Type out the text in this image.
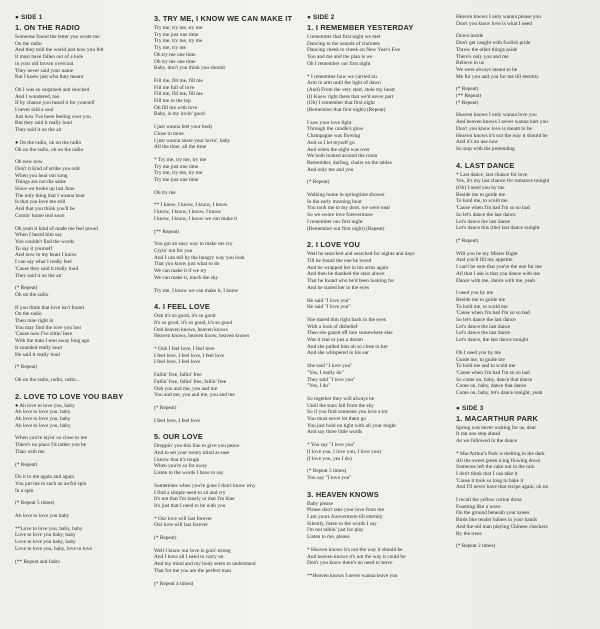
● SIDE 1
1. ON THE RADIO
Someone found the letter you wrote me
On the radio
And they told the world just how you felt
It must have fallen out of a hole
in your old brown overcoat
They never said your name
But I knew just who they meant
Oh I was so surprised and shocked
And I wondered, too
If by chance you heard it for yourself
I never told a soul
Just how I've been feeling over you
But they said it really loud
They said it on the air
● On the radio, oh on the radio
Oh on the radio, oh on the radio
Oh now now
Don't it kind of strike you odd
When you hear our song
Things are not the same
Since we broke up last June
The only thing that I wanna hear
Is that you love me still
And that you think you'll be
Comin' home real soon
Oh yeah it kind of made me feel proud
When I heard him say
You couldn't find the words
To say it yourself
And now in my heart I know
I can say what I really feel
'Cause they said it really loud
They said it on the air
(* Repeat)
Oh on the radio
If you think that love isn't found
On the radio
Then tune right in
You may find the love you lost
'Cause now I've sittin' here
With the man I sent away long ago
It sounded really loud
He said it really loud
(* Repeat)
Oh on the radio, radio, radio...
2. LOVE TO LOVE YOU BABY
● Ah love to love you, baby
Ah love to love you, baby
Ah love to love you, baby
Ah love to love you, baby
When you're layin' so close to me
There's no place I'd rather you be
Than with me
(* Repeat)
Do it to me again and again
You put me in such an awful spin
In a spin
(* Repeat 5 times)
Ah love to love you baby
**Love to love you, baby, baby
Love to love you baby, baby
Love to love you baby, baby
Love to love you, baby, love to love
(** Repeat and fade)
3. TRY ME, I KNOW WE CAN MAKE IT
Try me, try me, try me
Try me just one time
Try me, try me, try me
Try me, try me
Oh try me one time
Oh try me one time
Baby, don't you think you should
Fill me, fill me, fill me
Fill me full of love
Fill me, fill me, fill me
Fill me to the top
Oh fill me with love
Baby, is my lovin' good
I just wanna feel your body
Close to mine
I just wanna share your lovin', baby
All the time, all the time
* Try me, try me, try me
Try me just one time
Try me, try me, try me
Try me just one time
Oh try me
** I know, I know, I know, I know
I know, I know, I know, I know
I know, I know, I know we can make it
(** Repeat)
You got an easy way to make me cry
Cryin' out for you
And I can tell by the hungry way you look
That you know just what to do
We can make it if we try
We can make it, touch the sky
Try me, I know we can make it, I know
4. I FEEL LOVE
Ooh it's so good, it's so good
It's so good, it's so good, it's so good
Ooh heaven knows, heaven knows
Heaven knows, heaven know, heaven knows
* Ooh I feel love, I feel love
I feel love, I feel love, I feel love
I feel love, I feel love
Fallin' free, fallin' free
Fallin' free, fallin' free, fallin' free
Ooh you and me, you and me
You and me, you and me, you and me
(* Repeat)
I feel love, I feel love
5. OUR LOVE
Droppin' you this line to give you peace
And to set your weary mind at ease
I know that it's tough
When you're so far away
Listen to the words I have to say
Sometimes when you're gone I don't know why
I find a simple need to sit and cry
It's not that I'm lonely or that I'm blue
It's just that I need to be with you
* Our love will last forever
Our love will last forever
(* Repeat)
Well I know our love is goin' strong
And I have all I need to carry on
And my mind and my body seem to understand
That for me you are the perfect man
(* Repeat 4 times)
● SIDE 2
1. I REMEMBER YESTERDAY
I remember that first night we met
Dancing to the sounds of clarinets
Dancing cheek to cheek on New Year's Eve
You and me and the plan is we
Oh I remember our first night
* I remember how we carried on
Arm in arm until the light of dawn
(And) From the very start, stole my heart
(I) Knew right there that we'd never part
(Oh) I remember that first night
(Remember that first night) (Repeat)
I saw your love light
Through the candle's glow
Champagne was flowing
And so I let myself go
And when the night was over
We both looked around the room
Remember, darling, chairs on the tables
And only me and you
(* Repeat)
Walking home in springtime shower
In the early morning hour
You took me to my door, we were near
So we swore love forevermore
I remember our first night
(Remember our first night) (Repeat)
2. I LOVE YOU
Well he searched and searched for nights and days
Till he found the one he loved
And he wrapped her in his arms again
And then he thanked the stars above
That he found who he'd been looking for
And he stared her in the eyes
He said "I love you"
He said "I love you"
She stared him right back in the eyes
With a look of disbelief
Then she gazed off into somewhere else
Was it real or just a dream
And she pulled him oh so close to her
And she whispered in his ear
She said "I love you"
"Yes, I really do"
They said "I love you"
"Yes, I do"
So together they will always be
Until the stars fall from the sky
So if you find someone you love a lot
You must never let them go
You just hold on tight with all your might
And say three little words
* You say "I love you"
(I love you, I love you, I love you)
(I love you, yes I do)
(* Repeat 5 times)
You say "I love you"
3. HEAVEN KNOWS
Baby please
Please don't take your love from me
I am yours forevermore till eternity
Silently, listen to the words I say
I'm not talkin' just for play
Listen to me, please
* Heaven knows it's not the way it should be
And heaven knows it's not the way it could be
Don't you know there's no need to leave
**Heaven knows I never wanna leave you
Heaven knows I only wanna please you
Don't you know love is what I need
Down inside
Don't get caught with foolish pride
Throw the other things aside
There's only you and me
Believe in us
We were always meant to be
Me for you and you for me till eternity
(* Repeat)
(** Repeat)
(* Repeat)
Heaven knows I only wanna love you
And heaven knows I never wanna hurt you
Don't you know love is meant to be
Heaven knows it's not the way it should be
And it's no use now
So stop with the pretending
4. LAST DANCE
* Last dance, last chance for love
Yes, it's my last chance for romance tonight
(Oh) I need you by me
Beside me to guide me
To hold me, to scold me
'Cause when I'm bad I'm so so bad
So let's dance the last dance
Let's dance the last dance
Let's dance this (the) last dance tonight
(* Repeat)
Will you be my Mister Right
And you'll fill my appetite
I can't be sure that you're the one for me
All that I ask is that you dance with me
Dance with me, dance with me, yeah
I need you by me
Beside me to guide me
To hold me, to scold me
'Cause when I'm bad I'm so so bad
So let's dance the last dance
Let's dance the last dance
Let's dance the last dance
Let's dance, the last dance tonight
Oh I need you by me
Guide me, to guide me
To hold me and to scold me
'Cause when I'm bad I'm so so bad
So come on, baby, dance that dance
Come on, baby, dance that dance
Come on, baby, let's dance tonight, yeah
● SIDE 3
1. MACARTHUR PARK
Spring was never waiting for us, dear
It ran one step ahead
As we followed in the dance
* MacArthur's Park is melting in the dark
All the sweet green icing flowing down
Someone left the cake out in the rain
I don't think that I can take it
'Cause it took so long to bake it
And I'll never have that recipe again, oh no
I recall the yellow cotton dress
Foaming like a wave
On the ground beneath your knees
Birds like tender babies in your hands
And the old man playing Chinese checkers
By the trees
(* Repeat 2 times)
